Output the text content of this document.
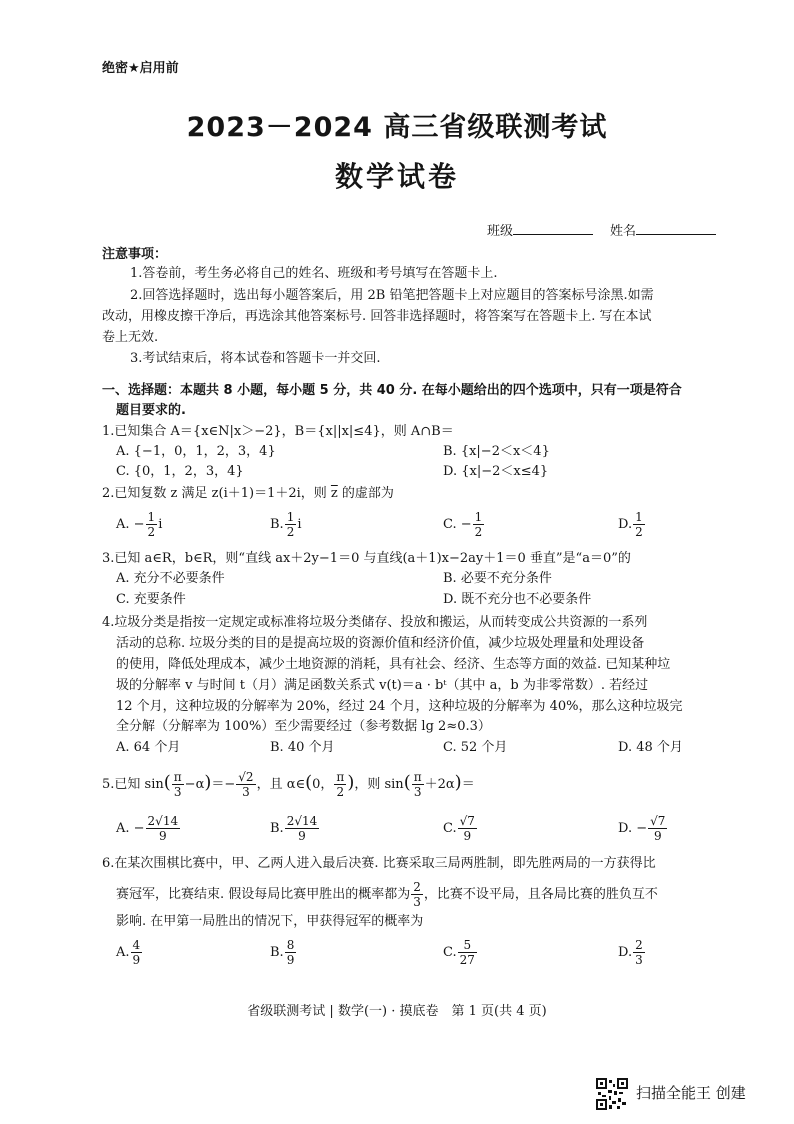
绝密★启用前
2023－2024 高三省级联测考试
数学试卷
班级	姓名
注意事项：
1.答卷前，考生务必将自己的姓名、班级和考号填写在答题卡上.
2.回答选择题时，选出每小题答案后，用 2B 铅笔把答题卡上对应题目的答案标号涂黑.如需
改动，用橡皮擦干净后，再选涂其他答案标号. 回答非选择题时，将答案写在答题卡上. 写在本试
卷上无效.
3.考试结束后，将本试卷和答题卡一并交回.
一、选择题：本题共 8 小题，每小题 5 分，共 40 分. 在每小题给出的四个选项中，只有一项是符合
题目要求的.
1.已知集合 A＝{x∈N|x＞−2}，B＝{x||x|≤4}，则 A∩B＝
A. {−1，0，1，2，3，4}	B. {x|−2＜x＜4}
C. {0，1，2，3，4}	D. {x|−2＜x≤4}
2.已知复数 z 满足 z(i＋1)＝1＋2i，则 $\overline{z}$ 的虚部为
A. − $\frac{1}{2}$ i	B. $\frac{1}{2}$ i	C. − $\frac{1}{2}$	D. $\frac{1}{2}$
3.已知 a∈R，b∈R，则“直线 ax＋2y−1＝0 与直线(a＋1)x−2ay＋1＝0 垂直”是“a＝0”的
A. 充分不必要条件	B. 必要不充分条件
C. 充要条件	D. 既不充分也不必要条件
4.垃圾分类是指按一定规定或标准将垃圾分类储存、投放和搬运，从而转变成公共资源的一系列
活动的总称. 垃圾分类的目的是提高垃圾的资源价值和经济价值，减少垃圾处理量和处理设备
的使用，降低处理成本，减少土地资源的消耗，具有社会、经济、生态等方面的效益. 已知某种垃
圾的分解率 v 与时间 t（月）满足函数关系式 v(t)＝a · bᵗ（其中 a，b 为非零常数）. 若经过
12 个月，这种垃圾的分解率为 20%，经过 24 个月，这种垃圾的分解率为 40%，那么这种垃圾完
全分解（分解率为 100%）至少需要经过（参考数据 lg 2≈0.3）
A. 64 个月	B. 40 个月	C. 52 个月	D. 48 个月
5.已知 $\sin( \frac{\pi}{3} -\alpha)=- \frac{√2}{3}$ ，且 α∈(0， $\frac{\pi}{2}$ )，则 $\sin( \frac{\pi}{3} +2\alpha)=$
A. − $\frac{2√14}{9}$	B. $\frac{2√14}{9}$	C. $\frac{√7}{9}$	D. − $\frac{√7}{9}$
6.在某次围棋比赛中，甲、乙两人进入最后决赛. 比赛采取三局两胜制，即先胜两局的一方获得比
赛冠军，比赛结束. 假设每局比赛甲胜出的概率都为 $\frac{2}{3}$ ，比赛不设平局，且各局比赛的胜负互不
影响. 在甲第一局胜出的情况下，甲获得冠军的概率为
A. $\frac{4}{9}$	B. $\frac{8}{9}$	C. $\frac{5}{27}$	D. $\frac{2}{3}$
省级联测考试 | 数学(一) · 摸底卷　第 1 页(共 4 页)
扫描全能王 创建
